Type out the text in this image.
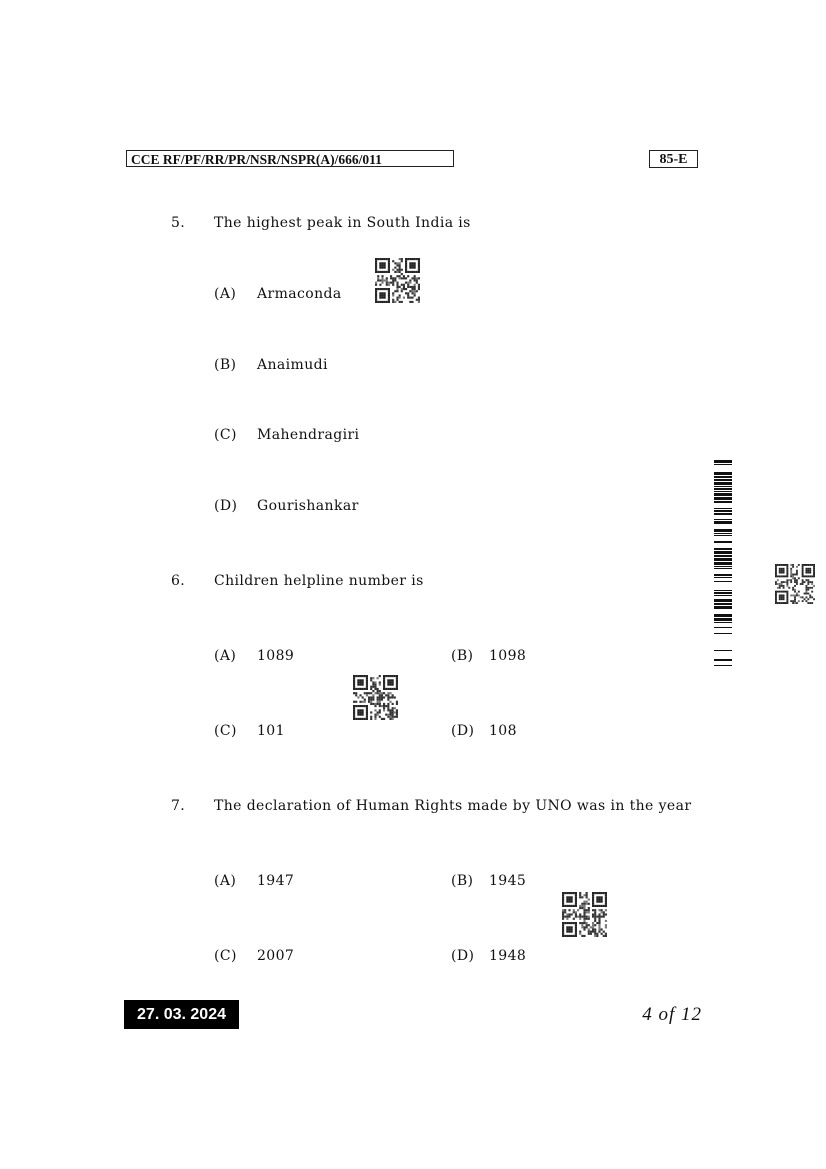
CCE RF/PF/RR/PR/NSR/NSPR(A)/666/011	85-E
5. The highest peak in South India is
(A) Armaconda
(B) Anaimudi
(C) Mahendragiri
(D) Gourishankar
6. Children helpline number is
(A) 1089	(B) 1098
(C) 101	(D) 108
7. The declaration of Human Rights made by UNO was in the year
(A) 1947	(B) 1945
(C) 2007	(D) 1948
27. 03. 2024	4 of 12
